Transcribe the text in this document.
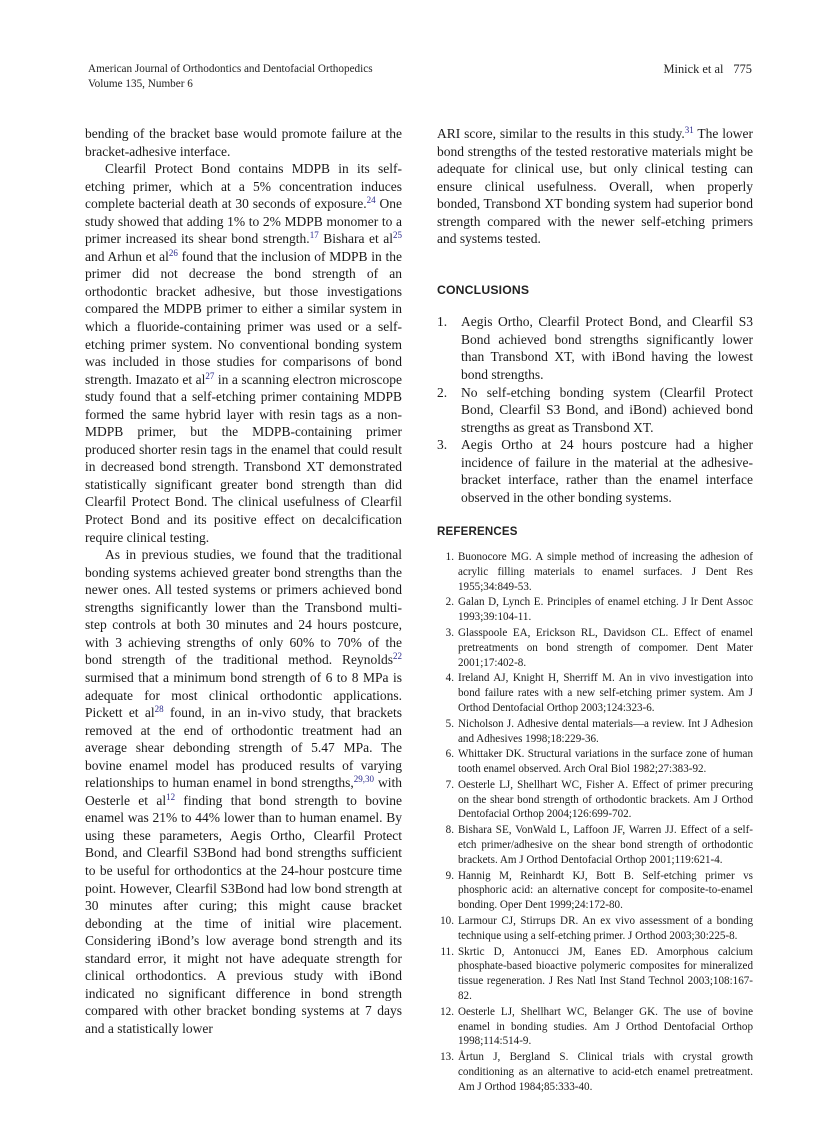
American Journal of Orthodontics and Dentofacial Orthopedics
Volume 135, Number 6
Minick et al 775

bending of the bracket base would promote failure at the bracket-adhesive interface.

Clearfil Protect Bond contains MDPB in its self-etching primer, which at a 5% concentration induces complete bacterial death at 30 seconds of exposure.$^{24}$ One study showed that adding 1% to 2% MDPB monomer to a primer increased its shear bond strength.$^{17}$ Bishara et al$^{25}$ and Arhun et al$^{26}$ found that the inclusion of MDPB in the primer did not decrease the bond strength of an orthodontic bracket adhesive, but those investigations compared the MDPB primer to either a similar system in which a fluoride-containing primer was used or a self-etching primer system. No conventional bonding system was included in those studies for comparisons of bond strength. Imazato et al$^{27}$ in a scanning electron microscope study found that a self-etching primer containing MDPB formed the same hybrid layer with resin tags as a non-MDPB primer, but the MDPB-containing primer produced shorter resin tags in the enamel that could result in decreased bond strength. Transbond XT demonstrated statistically significant greater bond strength than did Clearfil Protect Bond. The clinical usefulness of Clearfil Protect Bond and its positive effect on decalcification require clinical testing.

As in previous studies, we found that the traditional bonding systems achieved greater bond strengths than the newer ones. All tested systems or primers achieved bond strengths significantly lower than the Transbond multi-step controls at both 30 minutes and 24 hours postcure, with 3 achieving strengths of only 60% to 70% of the bond strength of the traditional method. Reynolds$^{22}$ surmised that a minimum bond strength of 6 to 8 MPa is adequate for most clinical orthodontic applications. Pickett et al$^{28}$ found, in an in-vivo study, that brackets removed at the end of orthodontic treatment had an average shear debonding strength of 5.47 MPa. The bovine enamel model has produced results of varying relationships to human enamel in bond strengths,$^{29,30}$ with Oesterle et al$^{12}$ finding that bond strength to bovine enamel was 21% to 44% lower than to human enamel. By using these parameters, Aegis Ortho, Clearfil Protect Bond, and Clearfil S3Bond had bond strengths sufficient to be useful for orthodontics at the 24-hour postcure time point. However, Clearfil S3Bond had low bond strength at 30 minutes after curing; this might cause bracket debonding at the time of initial wire placement. Considering iBond’s low average bond strength and its standard error, it might not have adequate strength for clinical orthodontics. A previous study with iBond indicated no significant difference in bond strength compared with other bracket bonding systems at 7 days and a statistically lower

ARI score, similar to the results in this study.$^{31}$ The lower bond strengths of the tested restorative materials might be adequate for clinical use, but only clinical testing can ensure clinical usefulness. Overall, when properly bonded, Transbond XT bonding system had superior bond strength compared with the newer self-etching primers and systems tested.

CONCLUSIONS
1. Aegis Ortho, Clearfil Protect Bond, and Clearfil S3 Bond achieved bond strengths significantly lower than Transbond XT, with iBond having the lowest bond strengths.
2. No self-etching bonding system (Clearfil Protect Bond, Clearfil S3 Bond, and iBond) achieved bond strengths as great as Transbond XT.
3. Aegis Ortho at 24 hours postcure had a higher incidence of failure in the material at the adhesive-bracket interface, rather than the enamel interface observed in the other bonding systems.
REFERENCES
1. Buonocore MG. A simple method of increasing the adhesion of acrylic filling materials to enamel surfaces. J Dent Res 1955;34:849-53.
2. Galan D, Lynch E. Principles of enamel etching. J Ir Dent Assoc 1993;39:104-11.
3. Glasspoole EA, Erickson RL, Davidson CL. Effect of enamel pretreatments on bond strength of compomer. Dent Mater 2001;17:402-8.
4. Ireland AJ, Knight H, Sherriff M. An in vivo investigation into bond failure rates with a new self-etching primer system. Am J Orthod Dentofacial Orthop 2003;124:323-6.
5. Nicholson J. Adhesive dental materials—a review. Int J Adhesion and Adhesives 1998;18:229-36.
6. Whittaker DK. Structural variations in the surface zone of human tooth enamel observed. Arch Oral Biol 1982;27:383-92.
7. Oesterle LJ, Shellhart WC, Fisher A. Effect of primer precuring on the shear bond strength of orthodontic brackets. Am J Orthod Dentofacial Orthop 2004;126:699-702.
8. Bishara SE, VonWald L, Laffoon JF, Warren JJ. Effect of a self-etch primer/adhesive on the shear bond strength of orthodontic brackets. Am J Orthod Dentofacial Orthop 2001;119:621-4.
9. Hannig M, Reinhardt KJ, Bott B. Self-etching primer vs phosphoric acid: an alternative concept for composite-to-enamel bonding. Oper Dent 1999;24:172-80.
10. Larmour CJ, Stirrups DR. An ex vivo assessment of a bonding technique using a self-etching primer. J Orthod 2003;30:225-8.
11. Skrtic D, Antonucci JM, Eanes ED. Amorphous calcium phosphate-based bioactive polymeric composites for mineralized tissue regeneration. J Res Natl Inst Stand Technol 2003;108:167-82.
12. Oesterle LJ, Shellhart WC, Belanger GK. The use of bovine enamel in bonding studies. Am J Orthod Dentofacial Orthop 1998;114:514-9.
13. Årtun J, Bergland S. Clinical trials with crystal growth conditioning as an alternative to acid-etch enamel pretreatment. Am J Orthod 1984;85:333-40.
